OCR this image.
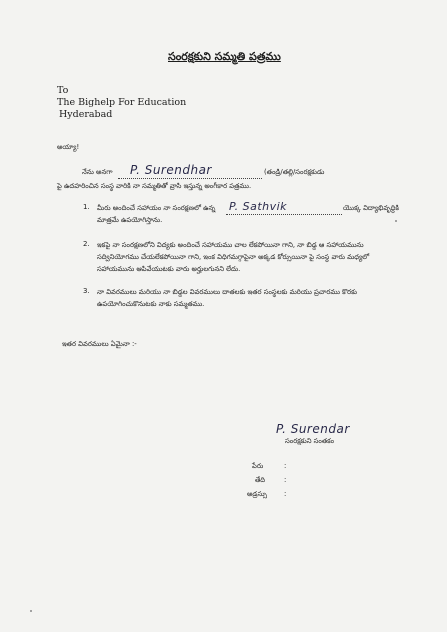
సంరక్షకుని సమ్మతి పత్రము
To
The Bighelp For Education
Hyderabad
అయ్యా!
నేను అనగా	P. Surendhar	(తండ్రి/తల్లి/సంరక్షకుడు
పై ఉదహరించిన సంస్థ వారికి నా సమ్మతితో వ్రాసి ఇస్తున్న అంగీకార పత్రము.
1. మీరు అందించే సహాయం నా సంరక్షణలో ఉన్న P. Sathvik	యొక్క విద్యాభివృద్ధికి
మాత్రమే ఉపయోగిస్తాను.
2. ఇకపై నా సంరక్షణలోని విద్యకు అందించే సహాయము చాల లేకపోయినా గాని, నా బిడ్డ ఆ సహాయమును
సద్వినియోగము చేయలేకపోయినా గాని, ఇంక విధిగమగ్గాపైనా అక్కడ కోర్సుయినా పై సంస్థ వారు మధ్యలో
సహాయమును ఆపివేయుటకు వారు అర్హులగునని లేదు.
3. నా వివరములు మరియు నా బిడ్డల వివరములు దాతలకు ఇతర సంస్థలకు మరియు ప్రచారము కొరకు
ఉపయోగించుకొనుటకు నాకు సమ్మతము.
ఇతర వివరములు ఏమైనా :-
P. Surendar
సంరక్షకుని సంతకం
పేరు	:
తేది	:
అడ్రస్సు :
